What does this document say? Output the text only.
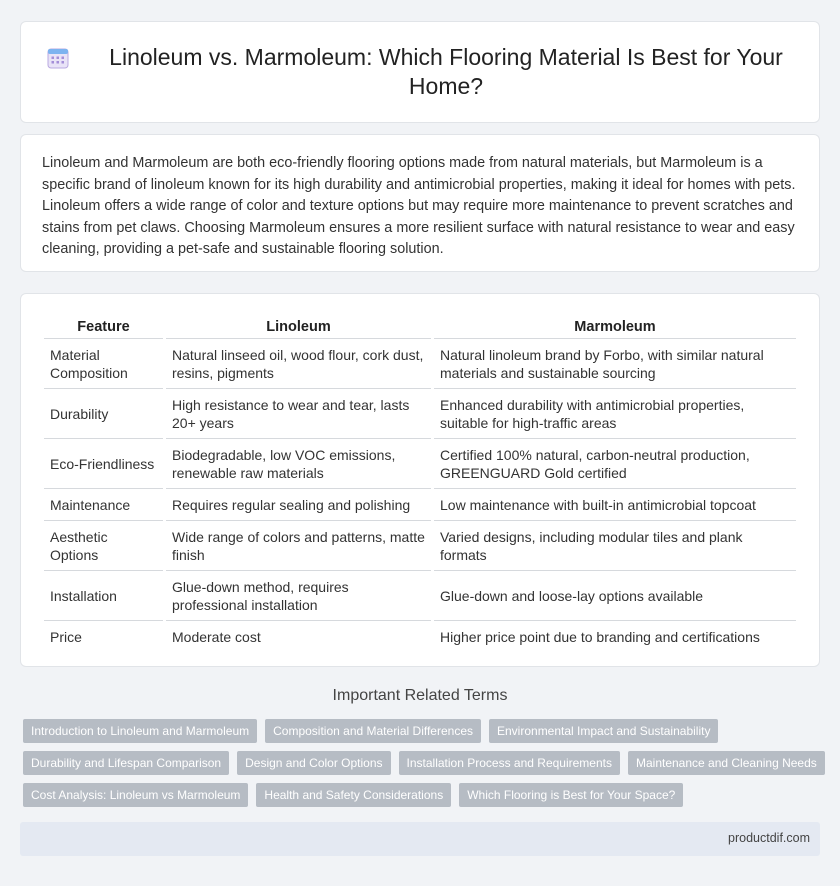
Linoleum vs. Marmoleum: Which Flooring Material Is Best for Your Home?

Linoleum and Marmoleum are both eco-friendly flooring options made from natural materials, but Marmoleum is a specific brand of linoleum known for its high durability and antimicrobial properties, making it ideal for homes with pets. Linoleum offers a wide range of color and texture options but may require more maintenance to prevent scratches and stains from pet claws. Choosing Marmoleum ensures a more resilient surface with natural resistance to wear and easy cleaning, providing a pet-safe and sustainable flooring solution.

Feature	Linoleum	Marmoleum
Material Composition	Natural linseed oil, wood flour, cork dust, resins, pigments	Natural linoleum brand by Forbo, with similar natural materials and sustainable sourcing
Durability	High resistance to wear and tear, lasts 20+ years	Enhanced durability with antimicrobial properties, suitable for high-traffic areas
Eco-Friendliness	Biodegradable, low VOC emissions, renewable raw materials	Certified 100% natural, carbon-neutral production, GREENGUARD Gold certified
Maintenance	Requires regular sealing and polishing	Low maintenance with built-in antimicrobial topcoat
Aesthetic Options	Wide range of colors and patterns, matte finish	Varied designs, including modular tiles and plank formats
Installation	Glue-down method, requires professional installation	Glue-down and loose-lay options available
Price	Moderate cost	Higher price point due to branding and certifications
Important Related Terms
Introduction to Linoleum and Marmoleum	Composition and Material Differences	Environmental Impact and Sustainability
Durability and Lifespan Comparison	Design and Color Options	Installation Process and Requirements	Maintenance and Cleaning Needs
Cost Analysis: Linoleum vs Marmoleum	Health and Safety Considerations	Which Flooring is Best for Your Space?
productdif.com
